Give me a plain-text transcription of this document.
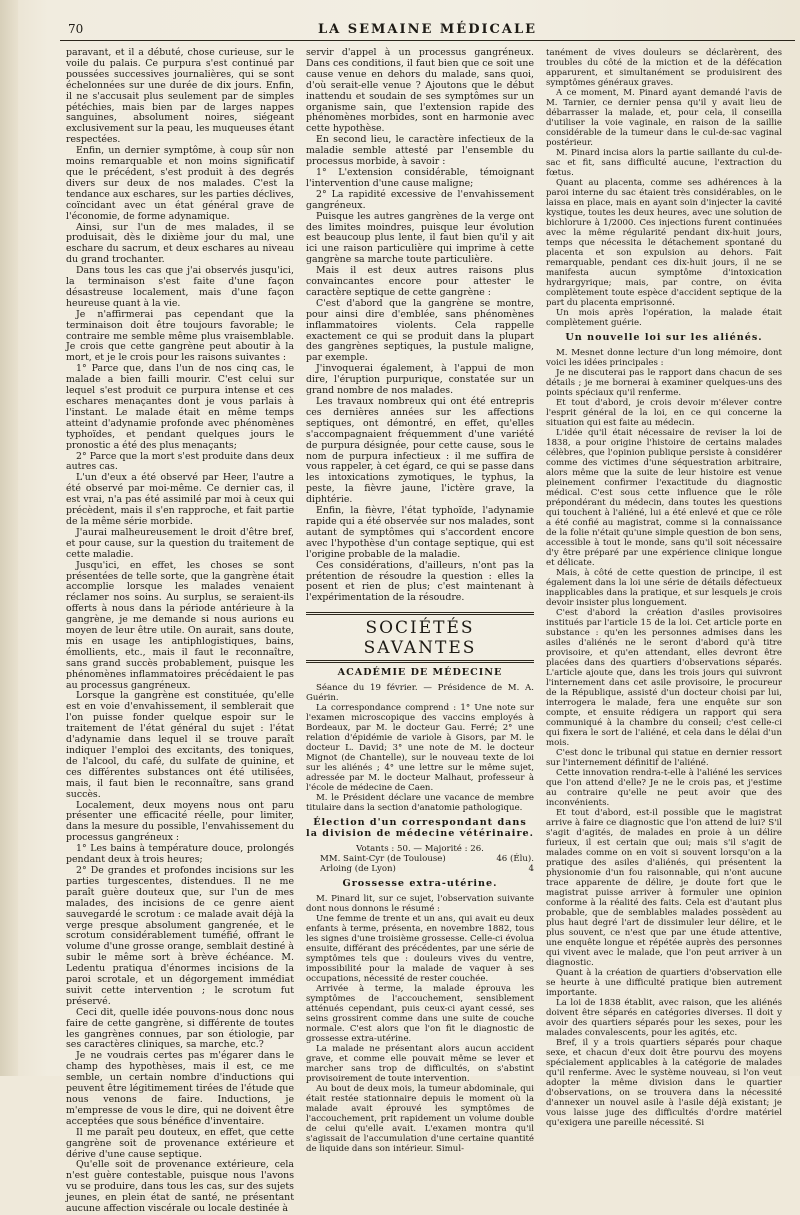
70	LA SEMAINE MÉDICALE

paravant, et il a débuté, chose curieuse, sur le voile du palais. Ce purpura s'est continué par poussées successives journalières, qui se sont échelonnées sur une durée de dix jours. Enfin, il ne s'accusait plus seulement par de simples pétéchies, mais bien par de larges nappes sanguines, absolument noires, siégeant exclusivement sur la peau, les muqueuses étant respectées.

Enfin, un dernier symptôme, à coup sûr non moins remarquable et non moins significatif que le précédent, s'est produit à des degrés divers sur deux de nos malades. C'est la tendance aux eschares, sur les parties déclives, coïncidant avec un état général grave de l'économie, de forme adynamique.

Ainsi, sur l'un de mes malades, il se produisait, dès le dixième jour du mal, une eschare du sacrum, et deux eschares au niveau du grand trochanter.

Dans tous les cas que j'ai observés jusqu'ici, la terminaison s'est faite d'une façon désastreuse localement, mais d'une façon heureuse quant à la vie.

Je n'affirmerai pas cependant que la terminaison doit être toujours favorable; le contraire me semble même plus vraisemblable. Je crois que cette gangrène peut aboutir à la mort, et je le crois pour les raisons suivantes :

1° Parce que, dans l'un de nos cinq cas, le malade a bien failli mourir. C'est celui sur lequel s'est produit ce purpura intense et ces eschares menaçantes dont je vous parlais à l'instant. Le malade était en même temps atteint d'adynamie profonde avec phénomènes typhoïdes, et pendant quelques jours le pronostic a été des plus menaçants;

2° Parce que la mort s'est produite dans deux autres cas.

L'un d'eux a été observé par Heer, l'autre a été observé par moi-même. Ce dernier cas, il est vrai, n'a pas été assimilé par moi à ceux qui précèdent, mais il s'en rapproche, et fait partie de la même série morbide.

J'aurai malheureusement le droit d'être bref, et pour cause, sur la question du traitement de cette maladie.

Jusqu'ici, en effet, les choses se sont présentées de telle sorte, que la gangrène était accomplie lorsque les malades venaient réclamer nos soins. Au surplus, se seraient-ils offerts à nous dans la période antérieure à la gangrène, je me demande si nous aurions eu moyen de leur être utile. On aurait, sans doute, mis en usage les antiphlogistiques, bains, émollients, etc., mais il faut le reconnaître, sans grand succès probablement, puisque les phénomènes inflammatoires précédaient le pas au processus gangréneux.

Lorsque la gangrène est constituée, qu'elle est en voie d'envahissement, il semblerait que l'on puisse fonder quelque espoir sur le traitement de l'état général du sujet : l'état d'adynamie dans lequel il se trouve paraît indiquer l'emploi des excitants, des toniques, de l'alcool, du café, du sulfate de quinine, et ces différentes substances ont été utilisées, mais, il faut bien le reconnaître, sans grand succès.

Localement, deux moyens nous ont paru présenter une efficacité réelle, pour limiter, dans la mesure du possible, l'envahissement du processus gangréneux :

1° Les bains à température douce, prolongés pendant deux à trois heures;

2° De grandes et profondes incisions sur les parties turgescentes, distendues. Il ne me paraît guère douteux que, sur l'un de mes malades, des incisions de ce genre aient sauvegardé le scrotum : ce malade avait déjà la verge presque absolument gangrenée, et le scrotum considérablement tuméfié, offrant le volume d'une grosse orange, semblait destiné à subir le même sort à brève échéance. M. Ledentu pratiqua d'énormes incisions de la paroi scrotale, et un dégorgement immédiat suivit cette intervention ; le scrotum fut préservé.

Ceci dit, quelle idée pouvons-nous donc nous faire de cette gangrène, si différente de toutes les gangrènes connues, par son étiologie, par ses caractères cliniques, sa marche, etc.?

Je ne voudrais certes pas m'égarer dans le champ des hypothèses, mais il est, ce me semble, un certain nombre d'inductions qui peuvent être légitimement tirées de l'étude que nous venons de faire. Inductions, je m'empresse de vous le dire, qui ne doivent être acceptées que sous bénéfice d'inventaire.

Il me paraît peu douteux, en effet, que cette gangrène soit de provenance extérieure et dérive d'une cause septique.

Qu'elle soit de provenance extérieure, cela n'est guère contestable, puisque nous l'avons vu se produire, dans tous les cas, sur des sujets jeunes, en plein état de santé, ne présentant aucune affection viscérale ou locale destinée à

servir d'appel à un processus gangréneux. Dans ces conditions, il faut bien que ce soit une cause venue en dehors du malade, sans quoi, d'où serait-elle venue ? Ajoutons que le début inattendu et soudain de ses symptômes sur un organisme sain, que l'extension rapide des phénomènes morbides, sont en harmonie avec cette hypothèse.

En second lieu, le caractère infectieux de la maladie semble attesté par l'ensemble du processus morbide, à savoir :

1° L'extension considérable, témoignant l'intervention d'une cause maligne;

2° La rapidité excessive de l'envahissement gangréneux.

Puisque les autres gangrènes de la verge ont des limites moindres, puisque leur évolution est beaucoup plus lente, il faut bien qu'il y ait ici une raison particulière qui imprime à cette gangrène sa marche toute particulière.

Mais il est deux autres raisons plus convaincantes encore pour attester le caractère septique de cette gangrène :

C'est d'abord que la gangrène se montre, pour ainsi dire d'emblée, sans phénomènes inflammatoires violents. Cela rappelle exactement ce qui se produit dans la plupart des gangrènes septiques, la pustule maligne, par exemple.

J'invoquerai également, à l'appui de mon dire, l'éruption purpurique, constatée sur un grand nombre de nos malades.

Les travaux nombreux qui ont été entrepris ces dernières années sur les affections septiques, ont démontré, en effet, qu'elles s'accompagnaient fréquemment d'une variété de purpura désignée, pour cette cause, sous le nom de purpura infectieux : il me suffira de vous rappeler, à cet égard, ce qui se passe dans les intoxications zymotiques, le typhus, la peste, la fièvre jaune, l'ictère grave, la diphtérie.

Enfin, la fièvre, l'état typhoïde, l'adynamie rapide qui a été observée sur nos malades, sont autant de symptômes qui s'accordent encore avec l'hypothèse d'un contage septique, qui est l'origine probable de la maladie.

Ces considérations, d'ailleurs, n'ont pas la prétention de résoudre la question : elles la posent et rien de plus; c'est maintenant à l'expérimentation de la résoudre.

SOCIÉTÉS SAVANTES
ACADÉMIE DE MÉDECINE

Séance du 19 février. — Présidence de M. A. Guérin.

La correspondance comprend : 1° Une note sur l'examen microscopique des vaccins employés à Bordeaux, par M. le docteur Gau. Ferré; 2° une relation d'épidémie de variole à Gisors, par M. le docteur L. David; 3° une note de M. le docteur Mignot (de Chantelle), sur le nouveau texte de loi sur les aliénés ; 4° une lettre sur le même sujet, adressée par M. le docteur Malhaut, professeur à l'école de médecine de Caen.

M. le Président déclare une vacance de membre titulaire dans la section d'anatomie pathologique.

Élection d'un correspondant dans la division de médecine vétérinaire.

Votants : 50. — Majorité : 26.

MM. Saint-Cyr (de Toulouse)	46 (Élu).
Arloing (de Lyon)	4
Grossesse extra-utérine.

M. Pinard lit, sur ce sujet, l'observation suivante dont nous donnons le résumé :

Une femme de trente et un ans, qui avait eu deux enfants à terme, présenta, en novembre 1882, tous les signes d'une troisième grossesse. Celle-ci évolua ensuite, différant des précédentes, par une série de symptômes tels que : douleurs vives du ventre, impossibilité pour la malade de vaquer à ses occupations, nécessité de rester couchée.

Arrivée à terme, la malade éprouva les symptômes de l'accouchement, sensiblement atténués cependant, puis ceux-ci ayant cessé, ses seins grossirent comme dans une suite de couche normale. C'est alors que l'on fit le diagnostic de grossesse extra-utérine.

La malade ne présentant alors aucun accident grave, et comme elle pouvait même se lever et marcher sans trop de difficultés, on s'abstint provisoirement de toute intervention.

Au bout de deux mois, la tumeur abdominale, qui était restée stationnaire depuis le moment où la malade avait éprouvé les symptômes de l'accouchement, prit rapidement un volume double de celui qu'elle avait. L'examen montra qu'il s'agissait de l'accumulation d'une certaine quantité de liquide dans son intérieur. Simul-

tanément de vives douleurs se déclarèrent, des troubles du côté de la miction et de la défécation apparurent, et simultanément se produisirent des symptômes généraux graves.

A ce moment, M. Pinard ayant demandé l'avis de M. Tarnier, ce dernier pensa qu'il y avait lieu de débarrasser la malade, et, pour cela, il conseilla d'utiliser la voie vaginale, en raison de la saillie considérable de la tumeur dans le cul-de-sac vaginal postérieur.

M. Pinard incisa alors la partie saillante du cul-de-sac et fit, sans difficulté aucune, l'extraction du fœtus.

Quant au placenta, comme ses adhérences à la paroi interne du sac étaient très considérables, on le laissa en place, mais en ayant soin d'injecter la cavité kystique, toutes les deux heures, avec une solution de bichlorure à 1/2000. Ces injections furent continuées avec la même régularité pendant dix-huit jours, temps que nécessita le détachement spontané du placenta et son expulsion au dehors. Fait remarquable, pendant ces dix-huit jours, il ne se manifesta aucun symptôme d'intoxication hydrargyrique; mais, par contre, on évita complètement toute espèce d'accident septique de la part du placenta emprisonné.

Un mois après l'opération, la malade était complètement guérie.

Un nouvelle loi sur les aliénés.

M. Mesnet donne lecture d'un long mémoire, dont voici les idées principales :

Je ne discuterai pas le rapport dans chacun de ses détails ; je me bornerai à examiner quelques-uns des points spéciaux qu'il renferme.

Et tout d'abord, je crois devoir m'élever contre l'esprit général de la loi, en ce qui concerne la situation qui est faite au médecin.

L'idée qu'il était nécessaire de reviser la loi de 1838, a pour origine l'histoire de certains malades célèbres, que l'opinion publique persiste à considérer comme des victimes d'une séquestration arbitraire, alors même que la suite de leur histoire est venue pleinement confirmer l'exactitude du diagnostic médical. C'est sous cette influence que le rôle prépondérant du médecin, dans toutes les questions qui touchent à l'aliéné, lui a été enlevé et que ce rôle a été confié au magistrat, comme si la connaissance de la folie n'était qu'une simple question de bon sens, accessible à tout le monde, sans qu'il soit nécessaire d'y être préparé par une expérience clinique longue et délicate.

Mais, à côté de cette question de principe, il est également dans la loi une série de détails défectueux inapplicables dans la pratique, et sur lesquels je crois devoir insister plus longuement.

C'est d'abord la création d'asiles provisoires institués par l'article 15 de la loi. Cet article porte en substance : qu'en les personnes admises dans les asiles d'aliénés ne le seront d'abord qu'à titre provisoire, et qu'en attendant, elles devront être placées dans des quartiers d'observations séparés. L'article ajoute que, dans les trois jours qui suivront l'internement dans cet asile provisoire, le procureur de la République, assisté d'un docteur choisi par lui, interrogera le malade, fera une enquête sur son compte, et ensuite rédigera un rapport qui sera communiqué à la chambre du conseil; c'est celle-ci qui fixera le sort de l'aliéné, et cela dans le délai d'un mois.

C'est donc le tribunal qui statue en dernier ressort sur l'internement définitif de l'aliéné.

Cette innovation rendra-t-elle à l'aliéné les services que l'on attend d'elle? Je ne le crois pas, et j'estime au contraire qu'elle ne peut avoir que des inconvénients.

Et tout d'abord, est-il possible que le magistrat arrive à faire ce diagnostic que l'on attend de lui? S'il s'agit d'agités, de malades en proie à un délire furieux, il est certain que oui; mais s'il s'agit de malades comme on en voit si souvent lorsqu'on a la pratique des asiles d'aliénés, qui présentent la physionomie d'un fou raisonnable, qui n'ont aucune trace apparente de délire, je doute fort que le magistrat puisse arriver à formuler une opinion conforme à la réalité des faits. Cela est d'autant plus probable, que de semblables malades possèdent au plus haut degré l'art de dissimuler leur délire, et le plus souvent, ce n'est que par une étude attentive, une enquête longue et répétée auprès des personnes qui vivent avec le malade, que l'on peut arriver à un diagnostic.

Quant à la création de quartiers d'observation elle se heurte à une difficulté pratique bien autrement importante.

La loi de 1838 établit, avec raison, que les aliénés doivent être séparés en catégories diverses. Il doit y avoir des quartiers séparés pour les sexes, pour les malades convalescents, pour les agités, etc.

Bref, il y a trois quartiers séparés pour chaque sexe, et chacun d'eux doit être pourvu des moyens spécialement applicables à la catégorie de malades qu'il renferme. Avec le système nouveau, si l'on veut adopter la même division dans le quartier d'observations, on se trouvera dans la nécessité d'annexer un nouvel asile à l'asile déjà existant; je vous laisse juge des difficultés d'ordre matériel qu'exigera une pareille nécessité. Si
